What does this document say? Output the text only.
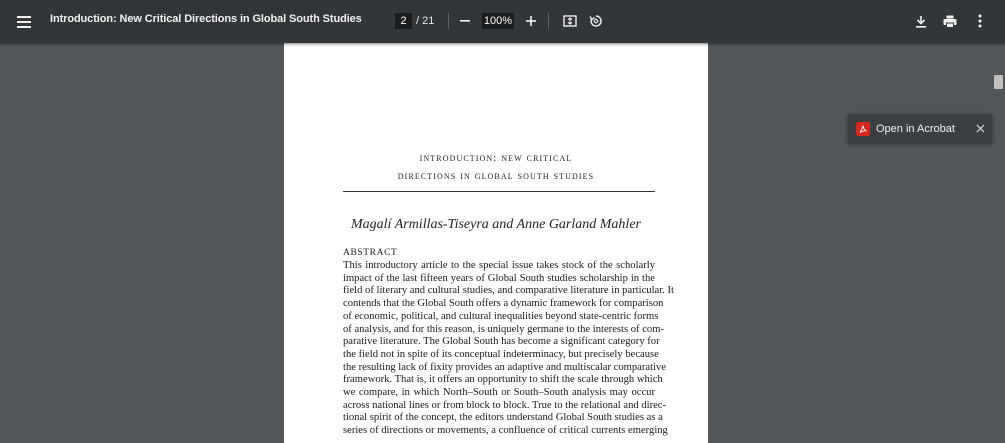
Introduction: New Critical Directions in Global South Studies
2	/ 21
100%
introduction: new critical
directions in global south studies
Magalí Armillas-Tiseyra and Anne Garland Mahler
ABSTRACT
This introductory article to the special issue takes stock of the scholarly
impact of the last fifteen years of Global South studies scholarship in the
field of literary and cultural studies, and comparative literature in particular. It
contends that the Global South offers a dynamic framework for comparison
of economic, political, and cultural inequalities beyond state-centric forms
of analysis, and for this reason, is uniquely germane to the interests of com-
parative literature. The Global South has become a significant category for
the field not in spite of its conceptual indeterminacy, but precisely because
the resulting lack of fixity provides an adaptive and multiscalar comparative
framework. That is, it offers an opportunity to shift the scale through which
we compare, in which North–South or South–South analysis may occur
across national lines or from block to block. True to the relational and direc-
tional spirit of the concept, the editors understand Global South studies as a
series of directions or movements, a confluence of critical currents emerging
Open in Acrobat
